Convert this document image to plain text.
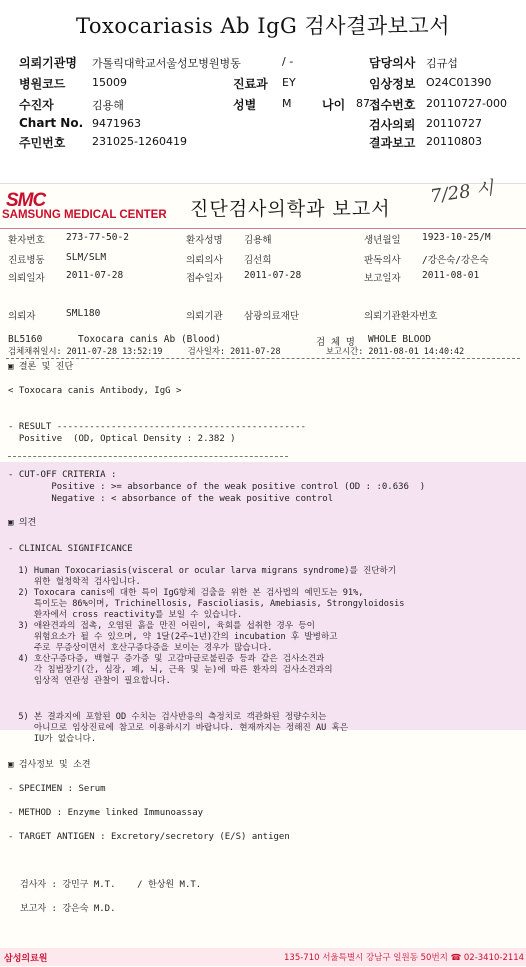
Toxocariasis Ab IgG 검사결과보고서
의뢰기관명 가톨릭대학교서울성모병원병동	/ -	담당의사 김규섭
병원코드 15009	진료과 EY	임상정보 O24C01390
수진자	김용해	성별 M	나이 87 접수번호 20110727-000
Chart No. 9471963	검사의뢰 20110727
주민번호 231025-1260419	결과보고 20110803
SMC
SAMSUNG MEDICAL CENTER 진단검사의학과 보고서
7/28 시
환자번호 273-77-50-2	환자성명 김용해	생년월일 1923-10-25/M
진료병동 SLM/SLM	의뢰의사 김선희	판독의사 /강은숙/강은숙
의뢰일자 2011-07-28	접수일자 2011-07-28	보고일자 2011-08-01
의뢰자	SML180	의뢰기관 삼광의료재단	의뢰기관환자번호
BL5160	Toxocara canis Ab (Blood)	검 체 명 WHOLE BLOOD
검체채취일시: 2011-07-28 13:52:19     검사일자: 2011-07-28         보고시간: 2011-08-01 14:40:42
▣ 결론 및 진단
< Toxocara canis Antibody, IgG >
- RESULT ----------------------------------------------
Positive  (OD, Optical Density : 2.382 )
- CUT-OFF CRITERIA :
Positive : >= absorbance of the weak positive control (OD : :0.636  )
Negative : < absorbance of the weak positive control
▣ 의견
- CLINICAL SIGNIFICANCE
1) Human Toxocariasis(visceral or ocular larva migrans syndrome)를 진단하기
위한 혈청학적 검사입니다.
2) Toxocara canis에 대한 특이 IgG항체 검출을 위한 본 검사법의 예민도는 91%,
특이도는 86%이며, Trichinellosis, Fascioliasis, Amebiasis, Strongyloidosis
환자에서 cross reactivity를 보일 수 있습니다.
3) 애완견과의 접촉, 오염된 흙을 만진 어린이, 육회를 섭취한 경우 등이
위험요소가 될 수 있으며, 약 1달(2주~1년)간의 incubation 후 발병하고
주로 무증상이면서 호산구증다증을 보이는 경우가 많습니다.
4) 호산구증다증, 백혈구 증가증 및 고감마글로불린증 등과 같은 검사소견과
각 침범장기(간, 심장, 폐, 뇌, 근육 및 눈)에 따른 환자의 검사소견과의
임상적 연관성 관찰이 필요합니다.
5) 본 결과지에 포함된 OD 수치는 검사반응의 측정치로 객관화된 정량수치는
아니므로 임상진료에 참고로 이용하시기 바랍니다. 현재까지는 정해진 AU 혹은
IU가 없습니다.
▣ 검사정보 및 소견
- SPECIMEN : Serum
- METHOD : Enzyme linked Immunoassay
- TARGET ANTIGEN : Excretory/secretory (E/S) antigen
검사자 : 강민구 M.T.    / 한상원 M.T.
보고자 : 강은숙 M.D.
삼성의료원	135-710 서울특별시 강남구 일원동 50번지 ☎ 02-3410-2114
